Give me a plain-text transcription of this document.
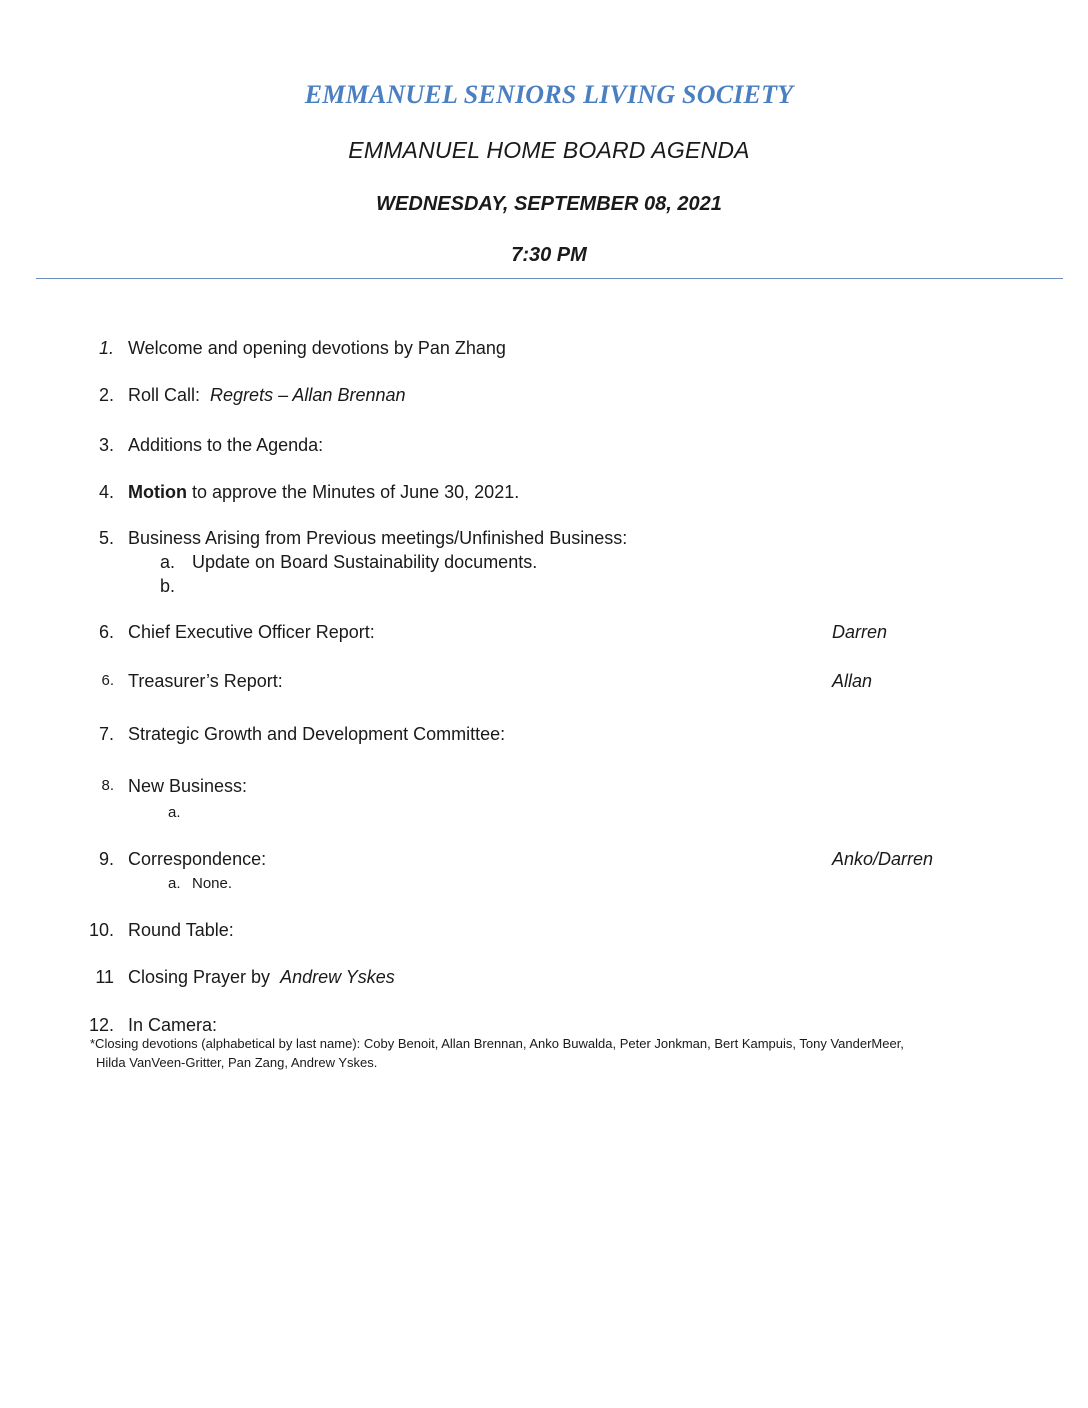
EMMANUEL SENIORS LIVING SOCIETY
EMMANUEL HOME BOARD AGENDA
WEDNESDAY, SEPTEMBER 08, 2021
7:30 PM
1. Welcome and opening devotions by Pan Zhang
2. Roll Call: Regrets – Allan Brennan
3. Additions to the Agenda:
4. Motion to approve the Minutes of June 30, 2021.
5. Business Arising from Previous meetings/Unfinished Business:
a. Update on Board Sustainability documents.
b.
6. Chief Executive Officer Report:	Darren
6. Treasurer’s Report:	Allan
7. Strategic Growth and Development Committee:
8. New Business:
a.
9. Correspondence:	Anko/Darren
a. None.
10. Round Table:
11 Closing Prayer by Andrew Yskes
12. In Camera:
*Closing devotions (alphabetical by last name): Coby Benoit, Allan Brennan, Anko Buwalda, Peter Jonkman, Bert Kampuis, Tony VanderMeer,
Hilda VanVeen-Gritter, Pan Zang, Andrew Yskes.
